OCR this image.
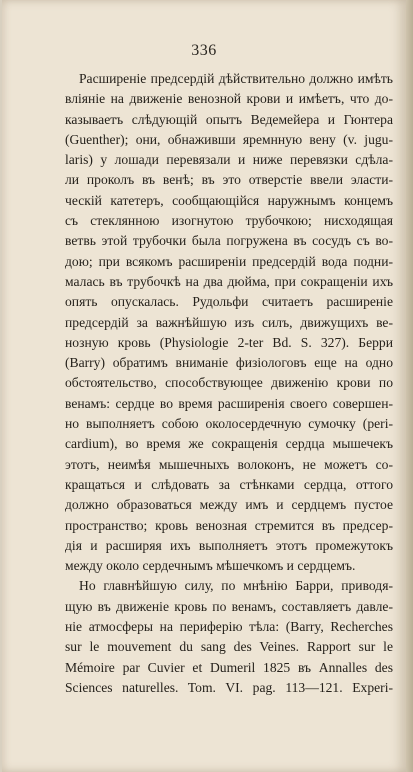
336
Расширеніе предсердій дѣйствительно должно имѣть
вліяніе на движеніе венозной крови и имѣетъ, что до-
казываетъ слѣдующій опытъ Ведемейера и Гюнтера
(Guenther); они, обнаживши яремнную вену (v. jugu-
laris) у лошади перевязали и ниже перевязки сдѣла-
ли проколъ въ венѣ; въ это отверстіе ввели эласти-
ческій катетеръ, сообщающійся наружнымъ концемъ
съ стеклянною изогнутою трубочкою; нисходящая
ветвь этой трубочки была погружена въ сосудъ съ во-
дою; при всякомъ расширеніи предсердій вода подни-
малась въ трубочкѣ на два дюйма, при сокращеніи ихъ
опять опускалась. Рудольфи считаетъ расширеніе
предсердій за важнѣйшую изъ силъ, движущихъ ве-
нозную кровь (Physiologie 2-ter Bd. S. 327). Берри
(Barry) обратимъ вниманіе физіологовъ еще на одно
обстоятельство, способствующее движенію крови по
венамъ: сердце во время расширенія своего совершен-
но выполняетъ собою околосердечную сумочку (peri-
cardium), во время же сокращенія сердца мышечекъ
этотъ, неимѣя мышечныхъ волоконъ, не можетъ со-
кращаться и слѣдовать за стѣнками сердца, оттого
должно образоваться между имъ и сердцемъ пустое
пространство; кровь венозная стремится въ предсер-
дія и расширяя ихъ выполняетъ этотъ промежутокъ
между около сердечнымъ мѣшечкомъ и сердцемъ.
Но главнѣйшую силу, по мнѣнію Барри, приводя-
щую въ движеніе кровь по венамъ, составляетъ давле-
ніе атмосферы на периферію тѣла: (Barry, Recherches
sur le mouvement du sang des Veines. Rapport sur le
Mémoire par Cuvier et Dumeril 1825 въ Annalles des
Sciences naturelles. Tom. VI. pag. 113—121. Experi-
